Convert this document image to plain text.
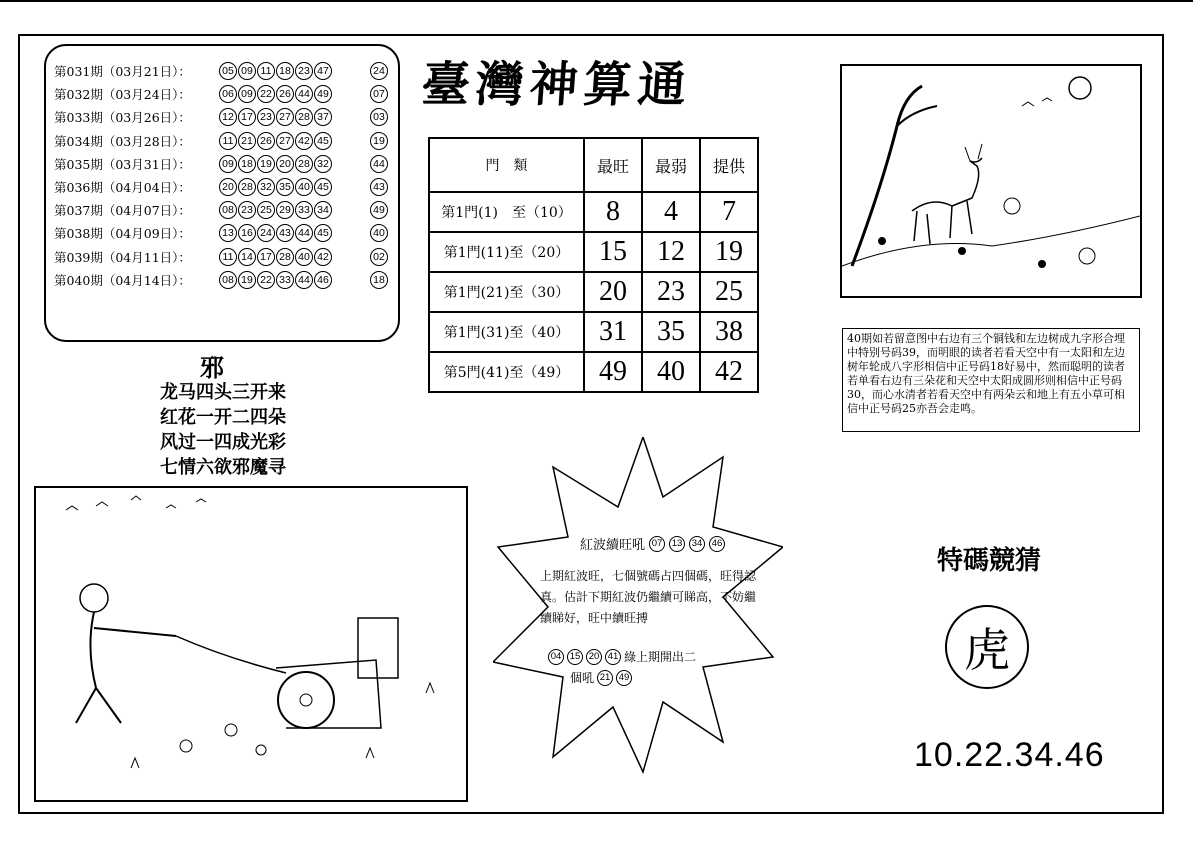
第031期（03月21日）：	05 09 11 18 23 47	24
第032期（03月24日）：	06 09 22 26 44 49	07
第033期（03月26日）：	12 17 23 27 28 37	03
第034期（03月28日）：	11 21 26 27 42 45	19
第035期（03月31日）：	09 18 19 20 28 32	44
第036期（04月04日）：	20 28 32 35 40 45	43
第037期（04月07日）：	08 23 25 29 33 34	49
第038期（04月09日）：	13 16 24 43 44 45	40
第039期（04月11日）：	11 14 17 28 40 42	02
第040期（04月14日）：	08 19 22 33 44 46	18
臺灣神算通
門　類	最旺	最弱	提供
第1門(1)　至（10）	8	4	7
第1門(11)至（20）	15	12	19
第1門(21)至（30）	20	23	25
第1門(31)至（40）	31	35	38
第5門(41)至（49）	49	40	42
40期如若留意图中右边有三个铜钱和左边树成九字形合埋中特别号码39，而明眼的读者若看天空中有一太阳和左边树年轮成八字形相信中正号码18好易中，然而聪明的读者若单看右边有三朵花和天空中太阳成圆形则相信中正号码30，而心水清者若看天空中有两朵云和地上有五小草可相信中正号码25亦吾会走鸣。
邪
龙马四头三开来
红花一开二四朵
风过一四成光彩
七情六欲邪魔寻
紅波續旺吼 07 13 34 46
上期紅波旺，七個號碼占四個碼，旺得認真。估計下期紅波仍繼續可睇高，不妨繼續睇好，旺中續旺搏
04 15 20 41 綠上期開出二
個吼 21 49
特碼競猜
虎
10.22.34.46
